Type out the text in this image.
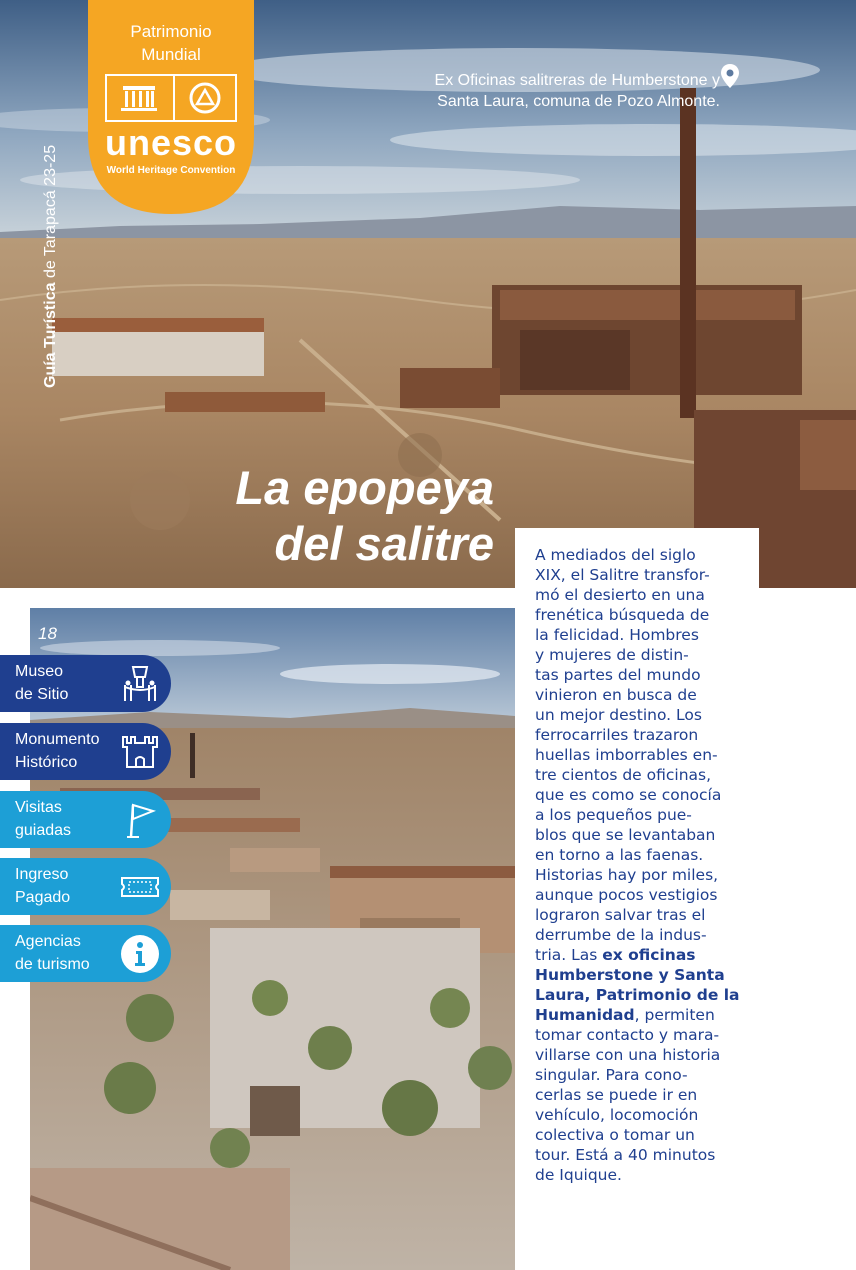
Patrimonio
Mundial
unesco
World Heritage Convention
Guía Turística de Tarapacá 23-25
Ex Oficinas salitreras de Humberstone y
Santa Laura, comuna de Pozo Almonte.
La epopeya
del salitre
18
Museo
de Sitio
Monumento
Histórico
Visitas
guiadas
Ingreso
Pagado
Agencias
de turismo
A mediados del siglo
XIX, el Salitre transfor-
mó el desierto en una
frenética búsqueda de
la felicidad. Hombres
y mujeres de distin-
tas partes del mundo
vinieron en busca de
un mejor destino. Los
ferrocarriles trazaron
huellas imborrables en-
tre cientos de oficinas,
que es como se conocía
a los pequeños pue-
blos que se levantaban
en torno a las faenas.
Historias hay por miles,
aunque pocos vestigios
lograron salvar tras el
derrumbe de la indus-
tria. Las ex oficinas
Humberstone y Santa
Laura, Patrimonio de la
Humanidad, permiten
tomar contacto y mara-
villarse con una historia
singular. Para cono-
cerlas se puede ir en
vehículo, locomoción
colectiva o tomar un
tour. Está a 40 minutos
de Iquique.
